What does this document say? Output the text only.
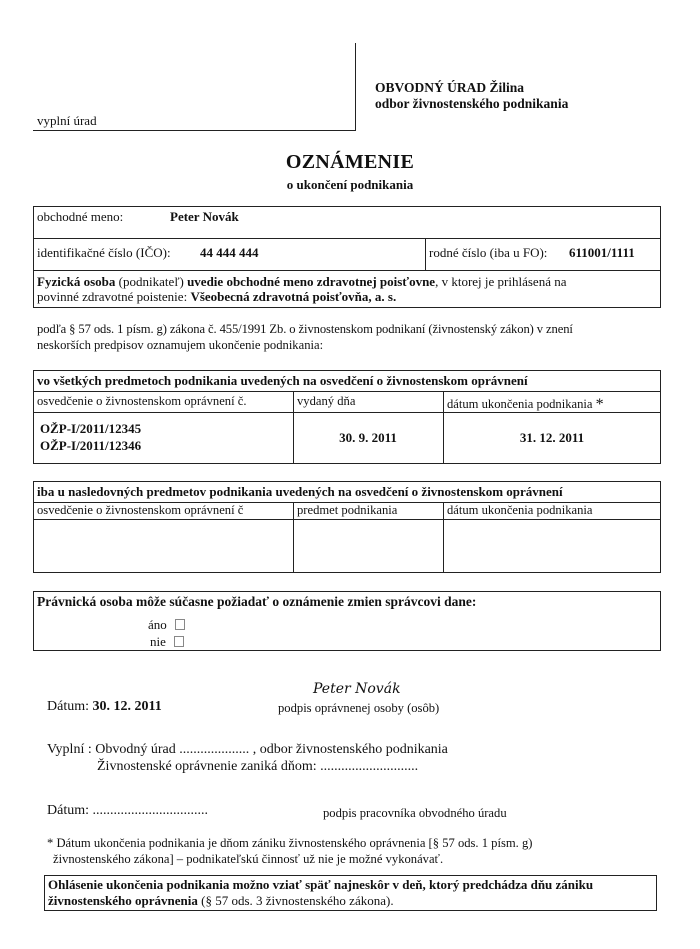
vyplní úrad
OBVODNÝ ÚRAD Žilina
odbor živnostenského podnikania
OZNÁMENIE
o ukončení podnikania
obchodné meno:	Peter Novák
identifikačné číslo (IČO): 44 444 444	rodné číslo (iba u FO): 611001/1111
Fyzická osoba (podnikateľ) uvedie obchodné meno zdravotnej poisťovne, v ktorej je prihlásená na
povinné zdravotné poistenie: Všeobecná zdravotná poisťovňa, a. s.
podľa § 57 ods. 1 písm. g) zákona č. 455/1991 Zb. o živnostenskom podnikaní (živnostenský zákon) v znení
neskorších predpisov oznamujem ukončenie podnikania:
vo všetkých predmetoch podnikania uvedených na osvedčení o živnostenskom oprávnení
osvedčenie o živnostenskom oprávnení č.	vydaný dňa	dátum ukončenia podnikania *
OŽP-I/2011/12345
OŽP-I/2011/12346
30. 9. 2011	31. 12. 2011
iba u nasledovných predmetov podnikania uvedených na osvedčení o živnostenskom oprávnení
osvedčenie o živnostenskom oprávnení č	predmet podnikania	dátum ukončenia podnikania
Právnická osoba môže súčasne požiadať o oznámenie zmien správcovi dane:
áno
nie
Peter Novák
Dátum: 30. 12. 2011	podpis oprávnenej osoby (osôb)
Vyplní : Obvodný úrad .................... , odbor živnostenského podnikania
Živnostenské oprávnenie zaniká dňom: ............................
Dátum: .................................	podpis pracovníka obvodného úradu
* Dátum ukončenia podnikania je dňom zániku živnostenského oprávnenia [§ 57 ods. 1 písm. g)
živnostenského zákona] – podnikateľskú činnosť už nie je možné vykonávať.
Ohlásenie ukončenia podnikania možno vziať späť najneskôr v deň, ktorý predchádza dňu zániku
živnostenského oprávnenia (§ 57 ods. 3 živnostenského zákona).
